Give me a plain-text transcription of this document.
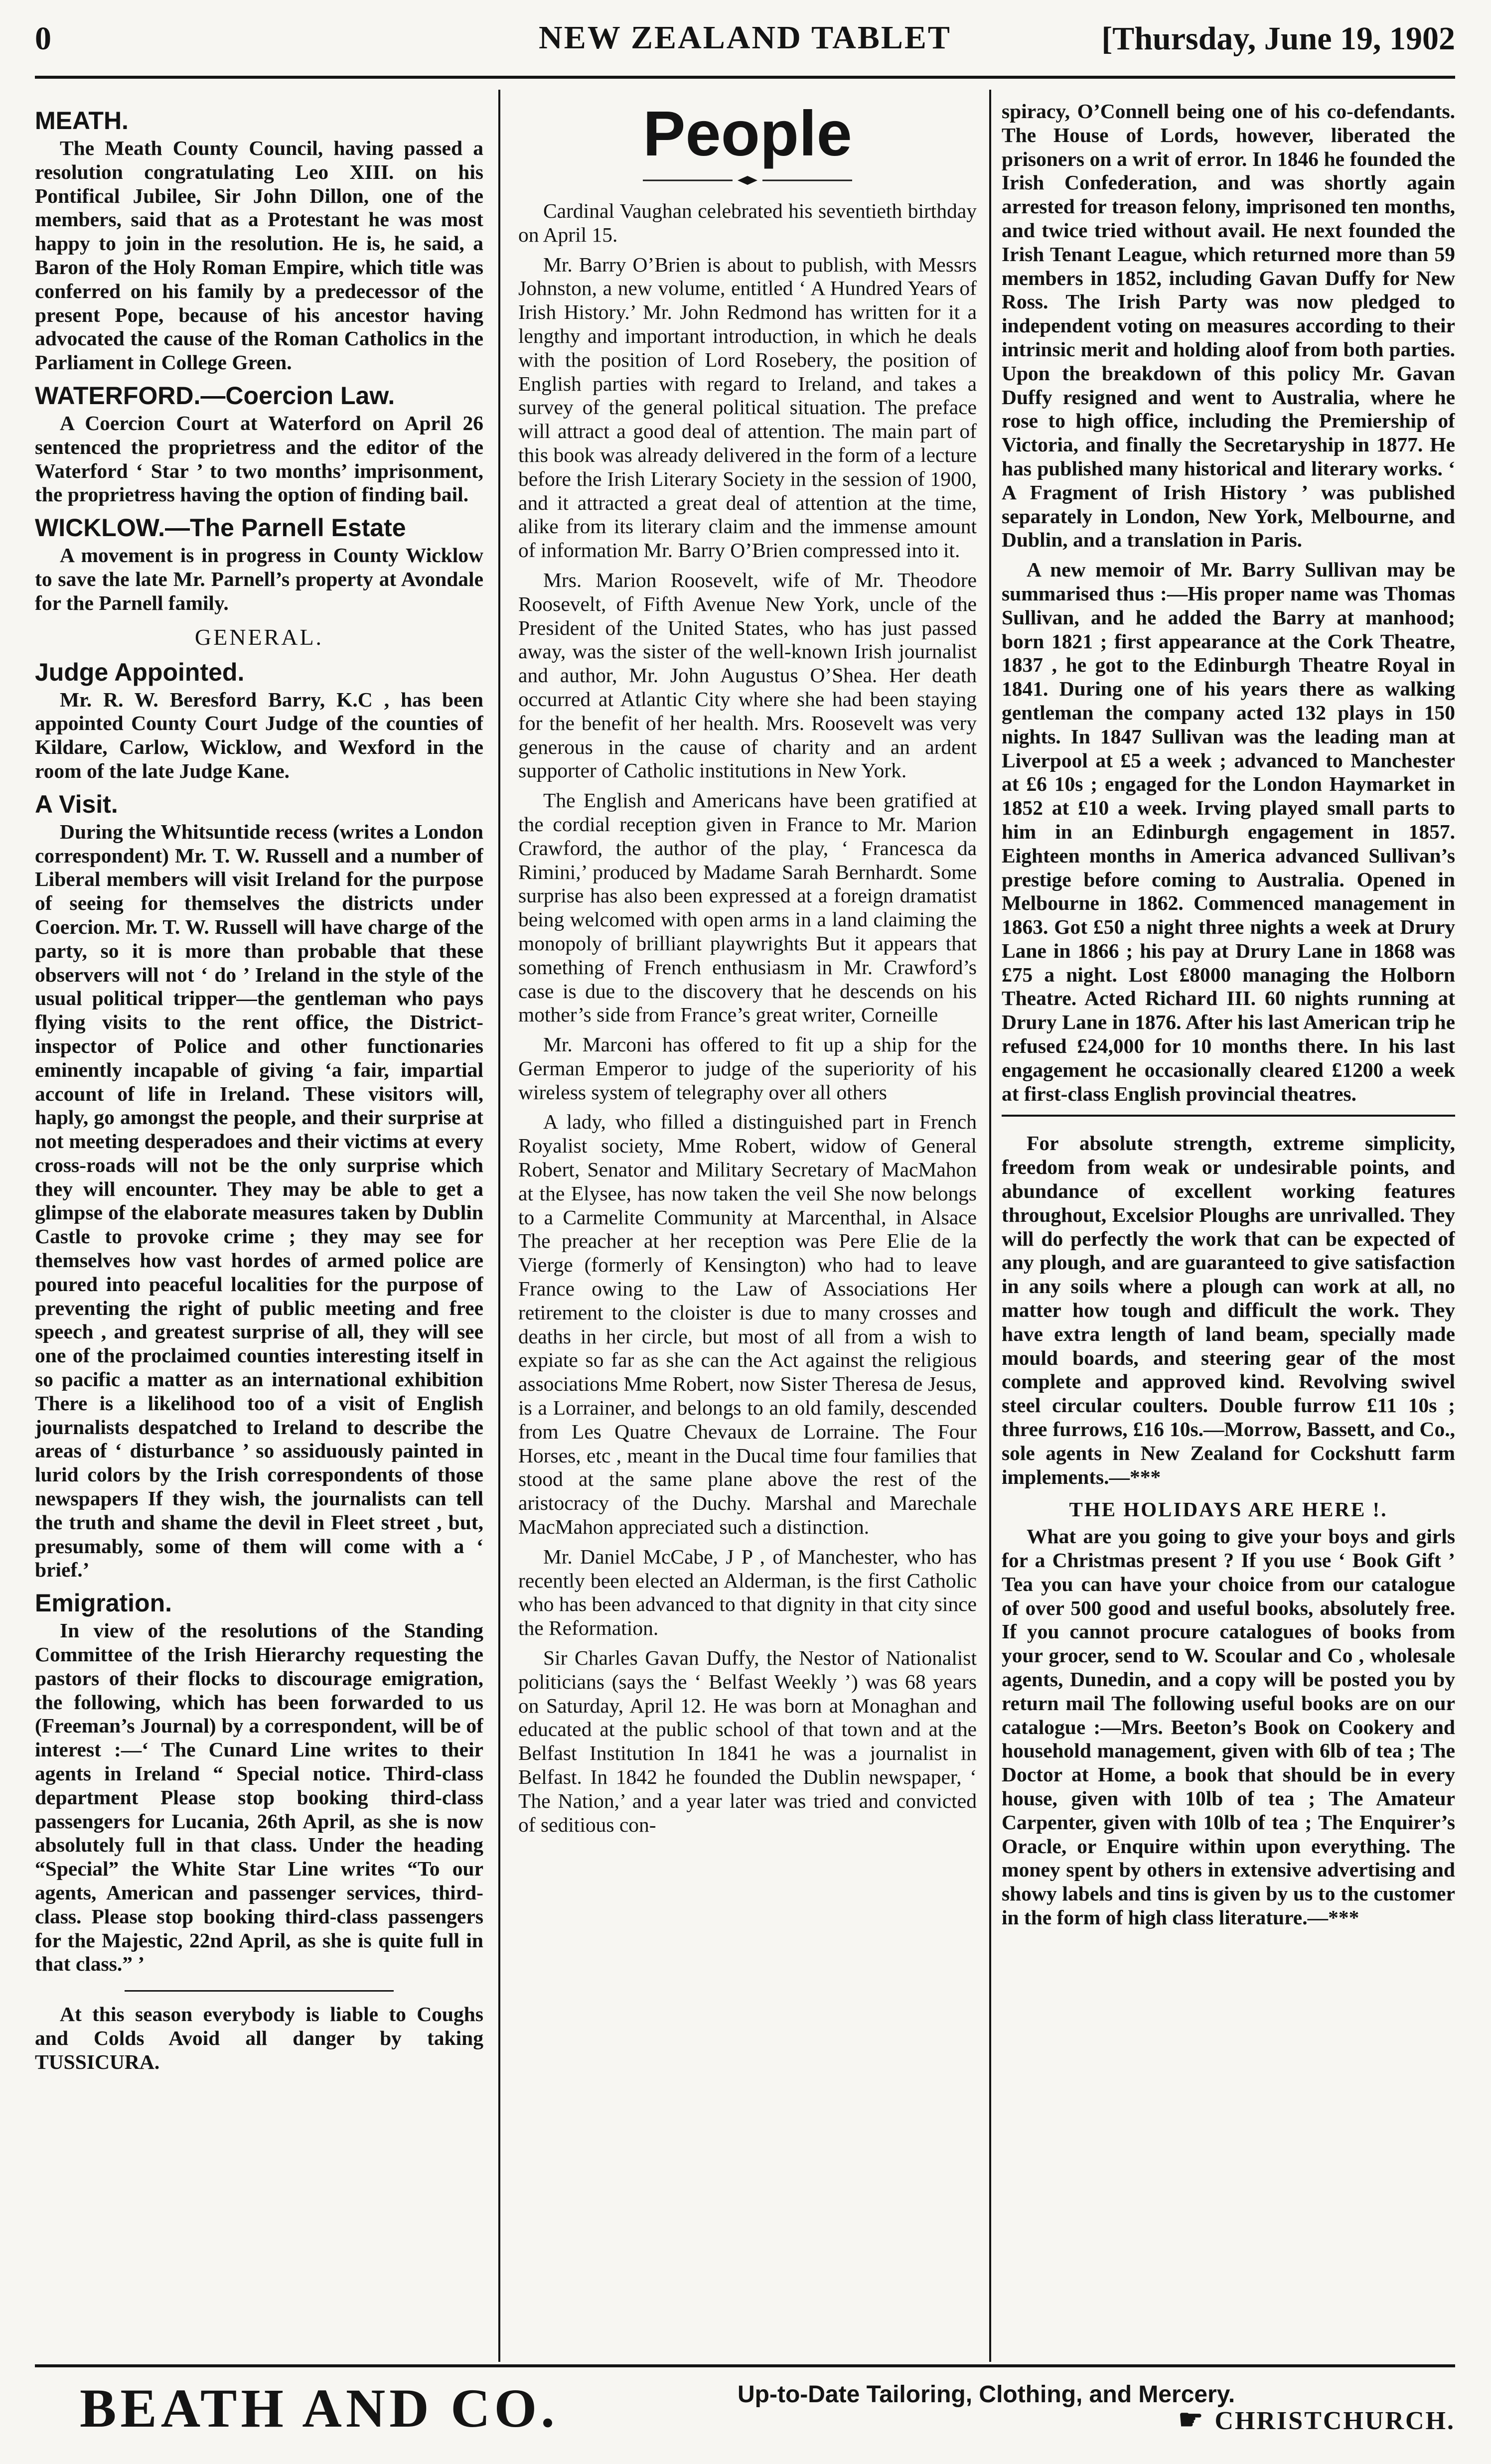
0	NEW ZEALAND TABLET	[Thursday, June 19, 1902
MEATH.

The Meath County Council, having passed a resolution congratulating Leo XIII. on his Pontifical Jubilee, Sir John Dillon, one of the members, said that as a Protestant he was most happy to join in the resolution. He is, he said, a Baron of the Holy Roman Empire, which title was conferred on his family by a predecessor of the present Pope, because of his ancestor having advocated the cause of the Roman Catholics in the Parliament in College Green.

WATERFORD.—Coercion Law.

A Coercion Court at Waterford on April 26 sentenced the proprietress and the editor of the Waterford ‘ Star ’ to two months’ imprisonment, the proprietress having the option of finding bail.

WICKLOW.—The Parnell Estate

A movement is in progress in County Wicklow to save the late Mr. Parnell’s property at Avondale for the Parnell family.

GENERAL.
Judge Appointed.

Mr. R. W. Beresford Barry, K.C , has been appointed County Court Judge of the counties of Kildare, Carlow, Wicklow, and Wexford in the room of the late Judge Kane.

A Visit.

During the Whitsuntide recess (writes a London correspondent) Mr. T. W. Russell and a number of Liberal members will visit Ireland for the purpose of seeing for themselves the districts under Coercion. Mr. T. W. Russell will have charge of the party, so it is more than probable that these observers will not ‘ do ’ Ireland in the style of the usual political tripper—the gentleman who pays flying visits to the rent office, the District-inspector of Police and other functionaries eminently incapable of giving ‘a fair, impartial account of life in Ireland. These visitors will, haply, go amongst the people, and their surprise at not meeting desperadoes and their victims at every cross-roads will not be the only surprise which they will encounter. They may be able to get a glimpse of the elaborate measures taken by Dublin Castle to provoke crime ; they may see for themselves how vast hordes of armed police are poured into peaceful localities for the purpose of preventing the right of public meeting and free speech , and greatest surprise of all, they will see one of the proclaimed counties interesting itself in so pacific a matter as an international exhibition There is a likelihood too of a visit of English journalists despatched to Ireland to describe the areas of ‘ disturbance ’ so assiduously painted in lurid colors by the Irish correspondents of those newspapers If they wish, the journalists can tell the truth and shame the devil in Fleet street , but, presumably, some of them will come with a ‘ brief.’

Emigration.

In view of the resolutions of the Standing Committee of the Irish Hierarchy requesting the pastors of their flocks to discourage emigration, the following, which has been forwarded to us (Freeman’s Journal) by a correspondent, will be of interest :—‘ The Cunard Line writes to their agents in Ireland “ Special notice. Third-class department Please stop booking third-class passengers for Lucania, 26th April, as she is now absolutely full in that class. Under the heading “Special” the White Star Line writes “To our agents, American and passenger services, third-class. Please stop booking third-class passengers for the Majestic, 22nd April, as she is quite full in that class.” ’

At this season everybody is liable to Coughs and Colds Avoid all danger by taking TUSSICURA.

People

Cardinal Vaughan celebrated his seventieth birthday on April 15.

Mr. Barry O’Brien is about to publish, with Messrs Johnston, a new volume, entitled ‘ A Hundred Years of Irish History.’ Mr. John Redmond has written for it a lengthy and important introduction, in which he deals with the position of Lord Rosebery, the position of English parties with regard to Ireland, and takes a survey of the general political situation. The preface will attract a good deal of attention. The main part of this book was already delivered in the form of a lecture before the Irish Literary Society in the session of 1900, and it attracted a great deal of attention at the time, alike from its literary claim and the immense amount of information Mr. Barry O’Brien compressed into it.

Mrs. Marion Roosevelt, wife of Mr. Theodore Roosevelt, of Fifth Avenue New York, uncle of the President of the United States, who has just passed away, was the sister of the well-known Irish journalist and author, Mr. John Augustus O’Shea. Her death occurred at Atlantic City where she had been staying for the benefit of her health. Mrs. Roosevelt was very generous in the cause of charity and an ardent supporter of Catholic institutions in New York.

The English and Americans have been gratified at the cordial reception given in France to Mr. Marion Crawford, the author of the play, ‘ Francesca da Rimini,’ produced by Madame Sarah Bernhardt. Some surprise has also been expressed at a foreign dramatist being welcomed with open arms in a land claiming the monopoly of brilliant playwrights But it appears that something of French enthusiasm in Mr. Crawford’s case is due to the discovery that he descends on his mother’s side from France’s great writer, Corneille

Mr. Marconi has offered to fit up a ship for the German Emperor to judge of the superiority of his wireless system of telegraphy over all others

A lady, who filled a distinguished part in French Royalist society, Mme Robert, widow of General Robert, Senator and Military Secretary of MacMahon at the Elysee, has now taken the veil She now belongs to a Carmelite Community at Marcenthal, in Alsace The preacher at her reception was Pere Elie de la Vierge (formerly of Kensington) who had to leave France owing to the Law of Associations Her retirement to the cloister is due to many crosses and deaths in her circle, but most of all from a wish to expiate so far as she can the Act against the religious associations Mme Robert, now Sister Theresa de Jesus, is a Lorrainer, and belongs to an old family, descended from Les Quatre Chevaux de Lorraine. The Four Horses, etc , meant in the Ducal time four families that stood at the same plane above the rest of the aristocracy of the Duchy. Marshal and Marechale MacMahon appreciated such a distinction.

Mr. Daniel McCabe, J P , of Manchester, who has recently been elected an Alderman, is the first Catholic who has been advanced to that dignity in that city since the Reformation.

Sir Charles Gavan Duffy, the Nestor of Nationalist politicians (says the ‘ Belfast Weekly ’) was 68 years on Saturday, April 12. He was born at Monaghan and educated at the public school of that town and at the Belfast Institution In 1841 he was a journalist in Belfast. In 1842 he founded the Dublin newspaper, ‘ The Nation,’ and a year later was tried and convicted of seditious con-

spiracy, O’Connell being one of his co-defendants. The House of Lords, however, liberated the prisoners on a writ of error. In 1846 he founded the Irish Confederation, and was shortly again arrested for treason felony, imprisoned ten months, and twice tried without avail. He next founded the Irish Tenant League, which returned more than 59 members in 1852, including Gavan Duffy for New Ross. The Irish Party was now pledged to independent voting on measures according to their intrinsic merit and holding aloof from both parties. Upon the breakdown of this policy Mr. Gavan Duffy resigned and went to Australia, where he rose to high office, including the Premiership of Victoria, and finally the Secretaryship in 1877. He has published many historical and literary works. ‘ A Fragment of Irish History ’ was published separately in London, New York, Melbourne, and Dublin, and a translation in Paris.

A new memoir of Mr. Barry Sullivan may be summarised thus :—His proper name was Thomas Sullivan, and he added the Barry at manhood; born 1821 ; first appearance at the Cork Theatre, 1837 , he got to the Edinburgh Theatre Royal in 1841. During one of his years there as walking gentleman the company acted 132 plays in 150 nights. In 1847 Sullivan was the leading man at Liverpool at £5 a week ; advanced to Manchester at £6 10s ; engaged for the London Haymarket in 1852 at £10 a week. Irving played small parts to him in an Edinburgh engagement in 1857. Eighteen months in America advanced Sullivan’s prestige before coming to Australia. Opened in Melbourne in 1862. Commenced management in 1863. Got £50 a night three nights a week at Drury Lane in 1866 ; his pay at Drury Lane in 1868 was £75 a night. Lost £8000 managing the Holborn Theatre. Acted Richard III. 60 nights running at Drury Lane in 1876. After his last American trip he refused £24,000 for 10 months there. In his last engagement he occasionally cleared £1200 a week at first-class English provincial theatres.

For absolute strength, extreme simplicity, freedom from weak or undesirable points, and abundance of excellent working features throughout, Excelsior Ploughs are unrivalled. They will do perfectly the work that can be expected of any plough, and are guaranteed to give satisfaction in any soils where a plough can work at all, no matter how tough and difficult the work. They have extra length of land beam, specially made mould boards, and steering gear of the most complete and approved kind. Revolving swivel steel circular coulters. Double furrow £11 10s ; three furrows, £16 10s.—Morrow, Bassett, and Co., sole agents in New Zealand for Cockshutt farm implements.—***

THE HOLIDAYS ARE HERE !.

What are you going to give your boys and girls for a Christmas present ? If you use ‘ Book Gift ’ Tea you can have your choice from our catalogue of over 500 good and useful books, absolutely free. If you cannot procure catalogues of books from your grocer, send to W. Scoular and Co , wholesale agents, Dunedin, and a copy will be posted you by return mail The following useful books are on our catalogue :—Mrs. Beeton’s Book on Cookery and household management, given with 6lb of tea ; The Doctor at Home, a book that should be in every house, given with 10lb of tea ; The Amateur Carpenter, given with 10lb of tea ; The Enquirer’s Oracle, or Enquire within upon everything. The money spent by others in extensive advertising and showy labels and tins is given by us to the customer in the form of high class literature.—***

BEATH AND CO.	Up-to-Date Tailoring, Clothing, and Mercery.
☛ CHRISTCHURCH.
